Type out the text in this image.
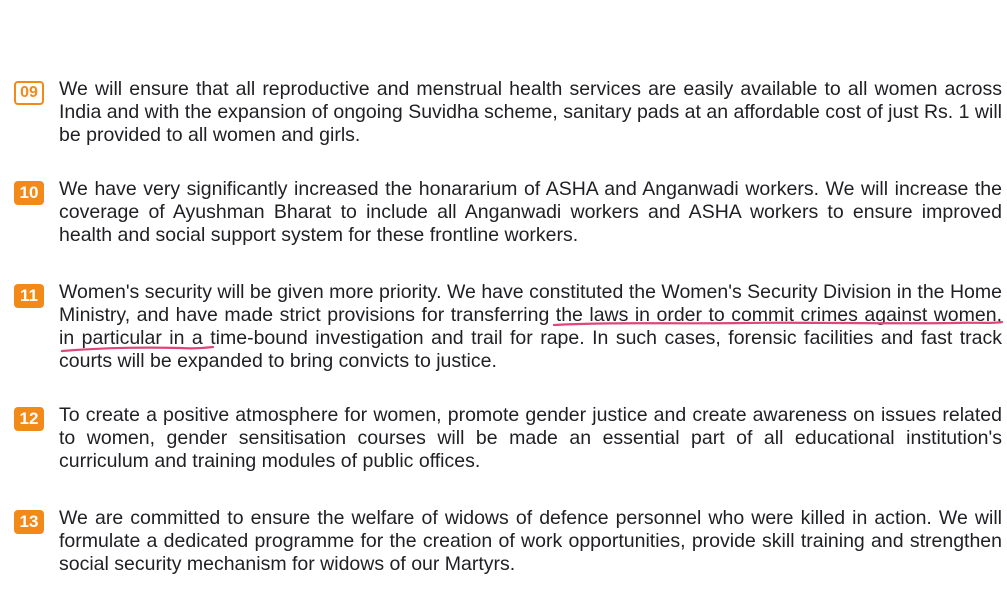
09	We will ensure that all reproductive and menstrual health services are easily available to all women across India and with the expansion of ongoing Suvidha scheme, sanitary pads at an affordable cost of just Rs. 1 will be provided to all women and girls.
10 We have very significantly increased the honararium of ASHA and Anganwadi workers. We will increase the coverage of Ayushman Bharat to include all Anganwadi workers and ASHA workers to ensure improved health and social support system for these frontline workers.
11	Women's security will be given more priority. We have constituted the Women's Security Division in the Home Ministry, and have made strict provisions for transferring the laws in order to commit crimes against women, in particular in a time-bound investigation and trail for rape. In such cases, forensic facilities and fast track courts will be expanded to bring convicts to justice.
12 To create a positive atmosphere for women, promote gender justice and create awareness on issues related to women, gender sensitisation courses will be made an essential part of all educational institution's curriculum and training modules of public offices.
13 We are committed to ensure the welfare of widows of defence personnel who were killed in action. We will formulate a dedicated programme for the creation of work opportunities, provide skill training and strengthen social security mechanism for widows of our Martyrs.
